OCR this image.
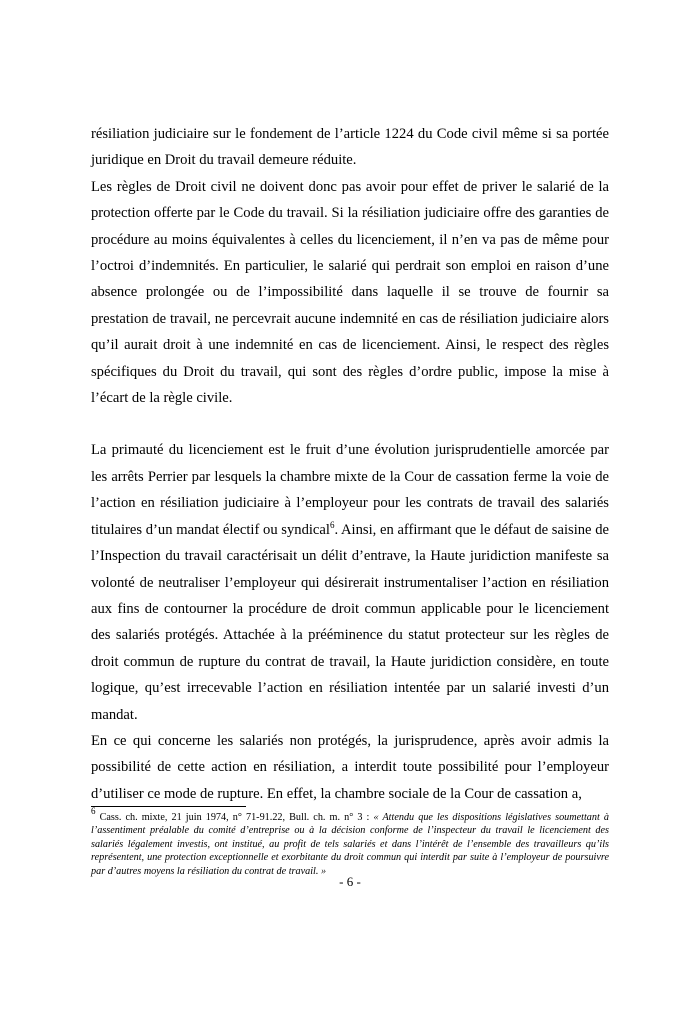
résiliation judiciaire sur le fondement de l’article 1224 du Code civil même si sa portée juridique en Droit du travail demeure réduite.

Les règles de Droit civil ne doivent donc pas avoir pour effet de priver le salarié de la protection offerte par le Code du travail. Si la résiliation judiciaire offre des garanties de procédure au moins équivalentes à celles du licenciement, il n’en va pas de même pour l’octroi d’indemnités. En particulier, le salarié qui perdrait son emploi en raison d’une absence prolongée ou de l’impossibilité dans laquelle il se trouve de fournir sa prestation de travail, ne percevrait aucune indemnité en cas de résiliation judiciaire alors qu’il aurait droit à une indemnité en cas de licenciement. Ainsi, le respect des règles spécifiques du Droit du travail, qui sont des règles d’ordre public, impose la mise à l’écart de la règle civile.

La primauté du licenciement est le fruit d’une évolution jurisprudentielle amorcée par les arrêts Perrier par lesquels la chambre mixte de la Cour de cassation ferme la voie de l’action en résiliation judiciaire à l’employeur pour les contrats de travail des salariés titulaires d’un mandat électif ou syndical$^6$. Ainsi, en affirmant que le défaut de saisine de l’Inspection du travail caractérisait un délit d’entrave, la Haute juridiction manifeste sa volonté de neutraliser l’employeur qui désirerait instrumentaliser l’action en résiliation aux fins de contourner la procédure de droit commun applicable pour le licenciement des salariés protégés. Attachée à la prééminence du statut protecteur sur les règles de droit commun de rupture du contrat de travail, la Haute juridiction considère, en toute logique, qu’est irrecevable l’action en résiliation intentée par un salarié investi d’un mandat.

En ce qui concerne les salariés non protégés, la jurisprudence, après avoir admis la possibilité de cette action en résiliation, a interdit toute possibilité pour l’employeur d’utiliser ce mode de rupture. En effet, la chambre sociale de la Cour de cassation a,

$^6$ Cass. ch. mixte, 21 juin 1974, n° 71-91.22, Bull. ch. m. n° 3 : « Attendu que les dispositions législatives soumettant à l’assentiment préalable du comité d’entreprise ou à la décision conforme de l’inspecteur du travail le licenciement des salariés légalement investis, ont institué, au profit de tels salariés et dans l’intérêt de l’ensemble des travailleurs qu’ils représentent, une protection exceptionnelle et exorbitante du droit commun qui interdit par suite à l’employeur de poursuivre par d’autres moyens la résiliation du contrat de travail. »
- 6 -
